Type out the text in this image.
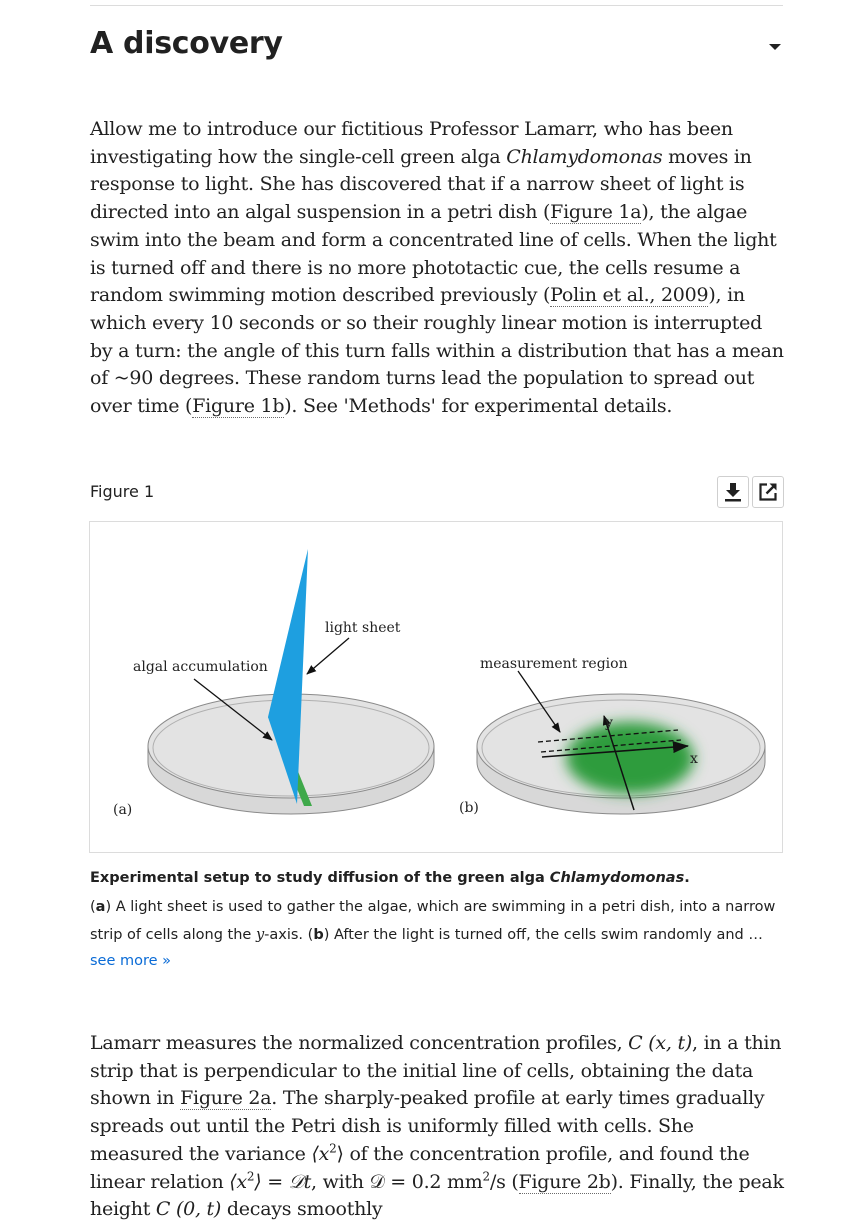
A discovery

Allow me to introduce our fictitious Professor Lamarr, who has been investigating how the single-cell green alga Chlamydomonas moves in response to light. She has discovered that if a narrow sheet of light is directed into an algal suspension in a petri dish (Figure 1a), the algae swim into the beam and form a concentrated line of cells. When the light is turned off and there is no more phototactic cue, the cells resume a random swimming motion described previously (Polin et al., 2009), in which every 10 seconds or so their roughly linear motion is interrupted by a turn: the angle of this turn falls within a distribution that has a mean of ~90 degrees. These random turns lead the population to spread out over time (Figure 1b). See 'Methods' for experimental details.

Figure 1
algal accumulation
light sheet
(a)
measurement region
x
y
(b)

Experimental setup to study diffusion of the green alga Chlamydomonas.

(a) A light sheet is used to gather the algae, which are swimming in a petri dish, into a narrow strip of cells along the y-axis. (b) After the light is turned off, the cells swim randomly and …

see more »

Lamarr measures the normalized concentration profiles, C (x, t), in a thin strip that is perpendicular to the initial line of cells, obtaining the data shown in Figure 2a. The sharply-peaked profile at early times gradually spreads out until the Petri dish is uniformly filled with cells. She measured the variance $⟨x^2⟩$ of the concentration profile, and found the linear relation $⟨x^2⟩$ = 𝒟t, with 𝒟 = 0.2 $mm^2/s$ (Figure 2b). Finally, the peak height C (0, t) decays smoothly
